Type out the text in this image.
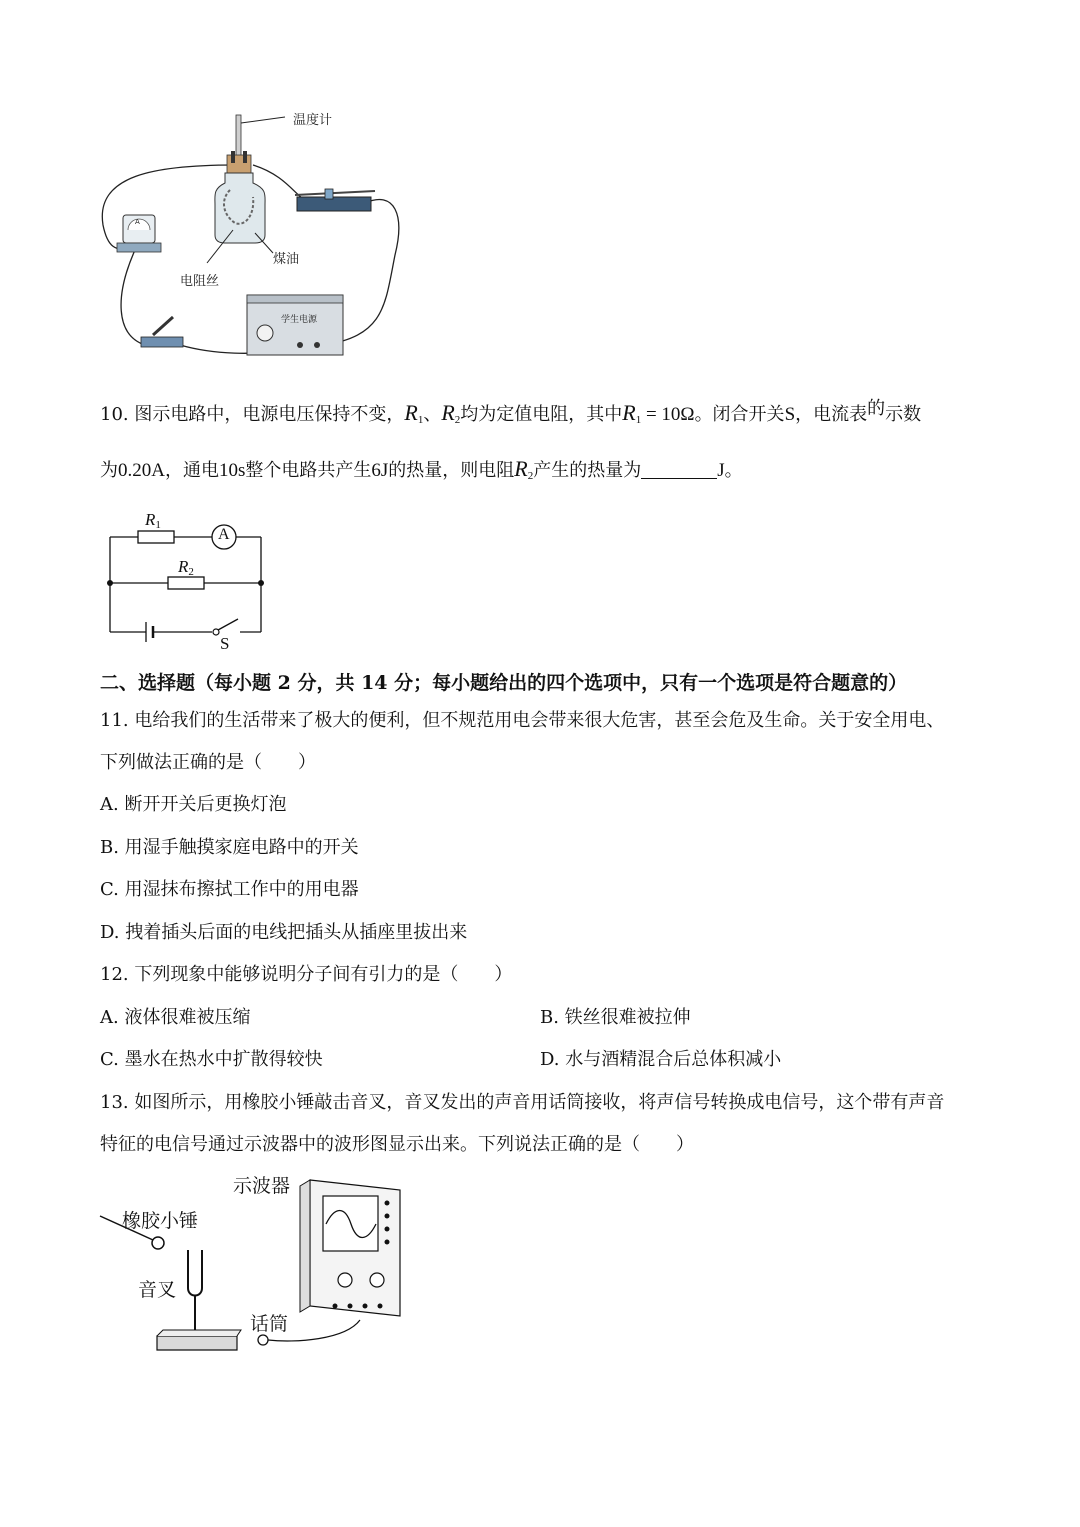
温度计
煤油
电阻丝
学生电源
A
10. 图示电路中，电源电压保持不变，$R_1$、$R_2$均为定值电阻，其中$R_1 = 10\Omega$。闭合开关S，电流表的示数
为0.20A，通电10s整个电路共产生6J的热量，则电阻$R_2$产生的热量为	J。
$R_1$
$R_2$
A
S
二、选择题（每小题 2 分，共 14 分；每小题给出的四个选项中，只有一个选项是符合题意的）
11. 电给我们的生活带来了极大的便利，但不规范用电会带来很大危害，甚至会危及生命。关于安全用电、
下列做法正确的是（　　）
A. 断开开关后更换灯泡
B. 用湿手触摸家庭电路中的开关
C. 用湿抹布擦拭工作中的用电器
D. 拽着插头后面的电线把插头从插座里拔出来
12. 下列现象中能够说明分子间有引力的是（　　）
A. 液体很难被压缩	B. 铁丝很难被拉伸
C. 墨水在热水中扩散得较快	D. 水与酒精混合后总体积减小
13. 如图所示，用橡胶小锤敲击音叉，音叉发出的声音用话筒接收，将声信号转换成电信号，这个带有声音
特征的电信号通过示波器中的波形图显示出来。下列说法正确的是（　　）
示波器
橡胶小锤
音叉
话筒
